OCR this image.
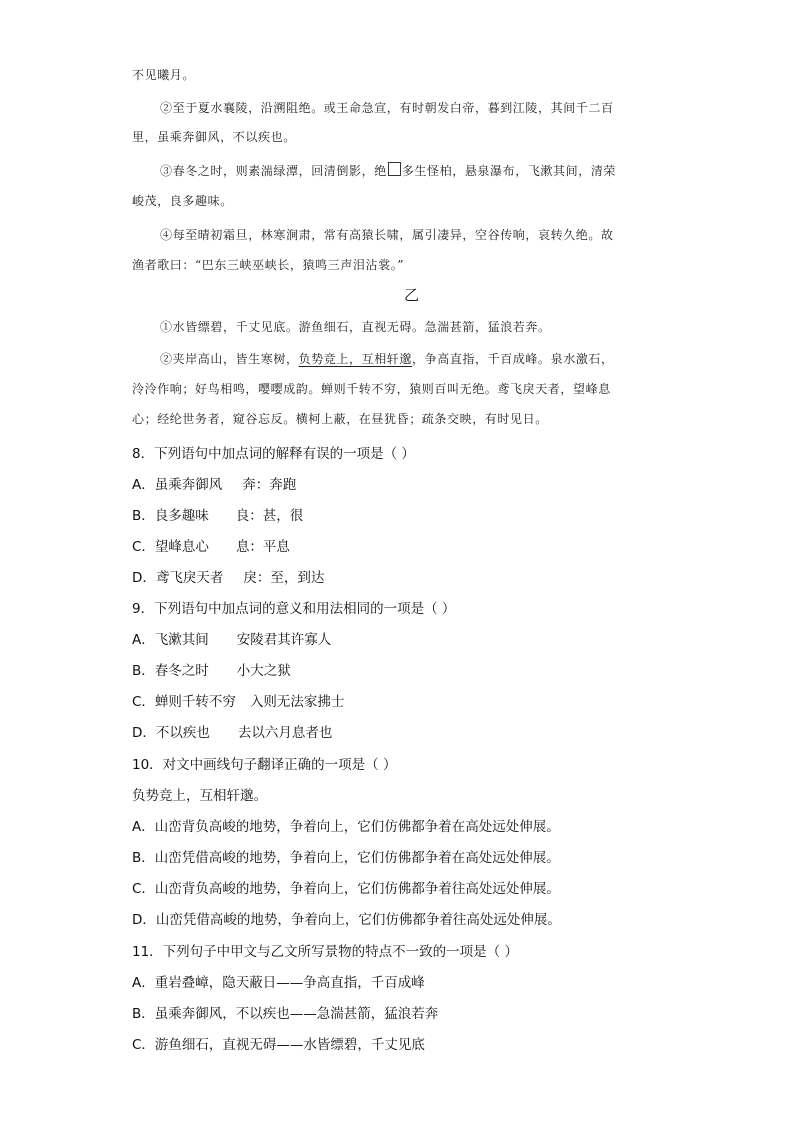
不见曦月。
②至于夏水襄陵，沿溯阻绝。或王命急宣，有时朝发白帝，暮到江陵，其间千二百
里，虽乘奔御风，不以疾也。
③春冬之时，则素湍绿潭，回清倒影，绝 多生怪柏，悬泉瀑布，飞漱其间，清荣
峻茂，良多趣味。
④每至晴初霜旦，林寒涧肃，常有高猿长啸，属引凄异，空谷传响，哀转久绝。故
渔者歌曰：“巴东三峡巫峡长，猿鸣三声泪沾裳。”
乙
①水皆缥碧，千丈见底。游鱼细石，直视无碍。急湍甚箭，猛浪若奔。
②夹岸高山，皆生寒树，负势竞上，互相轩邈，争高直指，千百成峰。泉水激石，
泠泠作响；好鸟相鸣，嘤嘤成韵。蝉则千转不穷，猿则百叫无绝。鸢飞戾天者，望峰息
心；经纶世务者，窥谷忘反。横柯上蔽，在昼犹昏；疏条交映，有时见日。
8．下列语句中加点词的解释有误的一项是（ ）
A．虽乘奔御风 奔：奔跑
B．良多趣味 良：甚，很
C．望峰息心 息：平息
D．鸢飞戾天者 戾：至，到达
9．下列语句中加点词的意义和用法相同的一项是（ ）
A．飞漱其间 安陵君其许寡人
B．春冬之时 小大之狱
C．蝉则千转不穷 入则无法家拂士
D．不以疾也 去以六月息者也
10．对文中画线句子翻译正确的一项是（ ）
负势竞上，互相轩邈。
A．山峦背负高峻的地势，争着向上，它们仿佛都争着在高处远处伸展。
B．山峦凭借高峻的地势，争着向上，它们仿佛都争着在高处远处伸展。
C．山峦背负高峻的地势，争着向上，它们仿佛都争着往高处远处伸展。
D．山峦凭借高峻的地势，争着向上，它们仿佛都争着往高处远处伸展。
11．下列句子中甲文与乙文所写景物的特点不一致的一项是（ ）
A．重岩叠嶂，隐天蔽日——争高直指，千百成峰
B．虽乘奔御风，不以疾也——急湍甚箭，猛浪若奔
C．游鱼细石，直视无碍——水皆缥碧，千丈见底
